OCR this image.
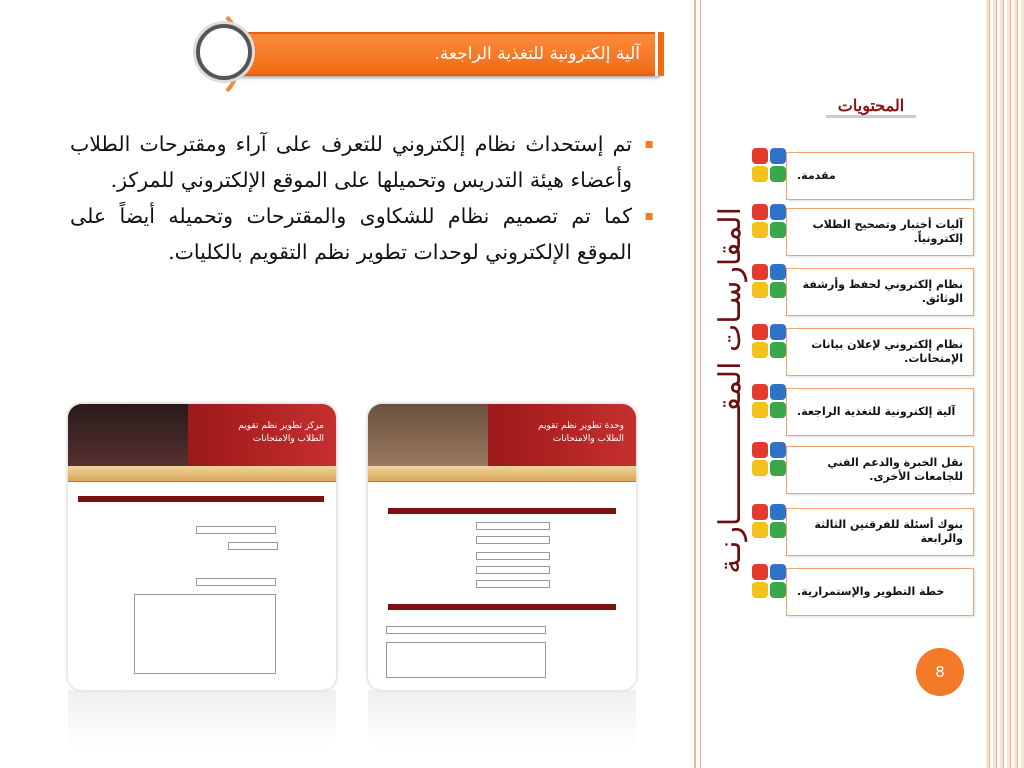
آلية إلكترونية للتغذية الراجعة.

▪
تم إستحداث نظام إلكتروني للتعرف على آراء ومقترحات الطلاب وأعضاء هيئة التدريس وتحميلها على الموقع الإلكتروني للمركز.

▪
كما تم تصميم نظام للشكاوى والمقترحات وتحميله أيضاً على الموقع الإلكتروني لوحدات تطوير نظم التقويم بالكليات.

مركز تطوير نظم تقويم الطلاب والامتحانات
وحدة تطوير نظم تقويم الطلاب والامتحانات	المقارسـات المقــــــــــــارنـة
المحتويات
مقدمة.
آليات أختبار وتصحيح الطلاب إلكترونياً.
نظام إلكتروني لحفظ وأرشفة الوثائق.
نظام إلكتروني لإعلان بيانات الإمتحانات.
آلية إلكترونية للتغذية الراجعة.
نقل الخبرة والدعم الفني للجامعات الأخرى.
بنوك أسئلة للفرقتين الثالثة والرابعة
خطة التطوير والإستمرارية.
8
